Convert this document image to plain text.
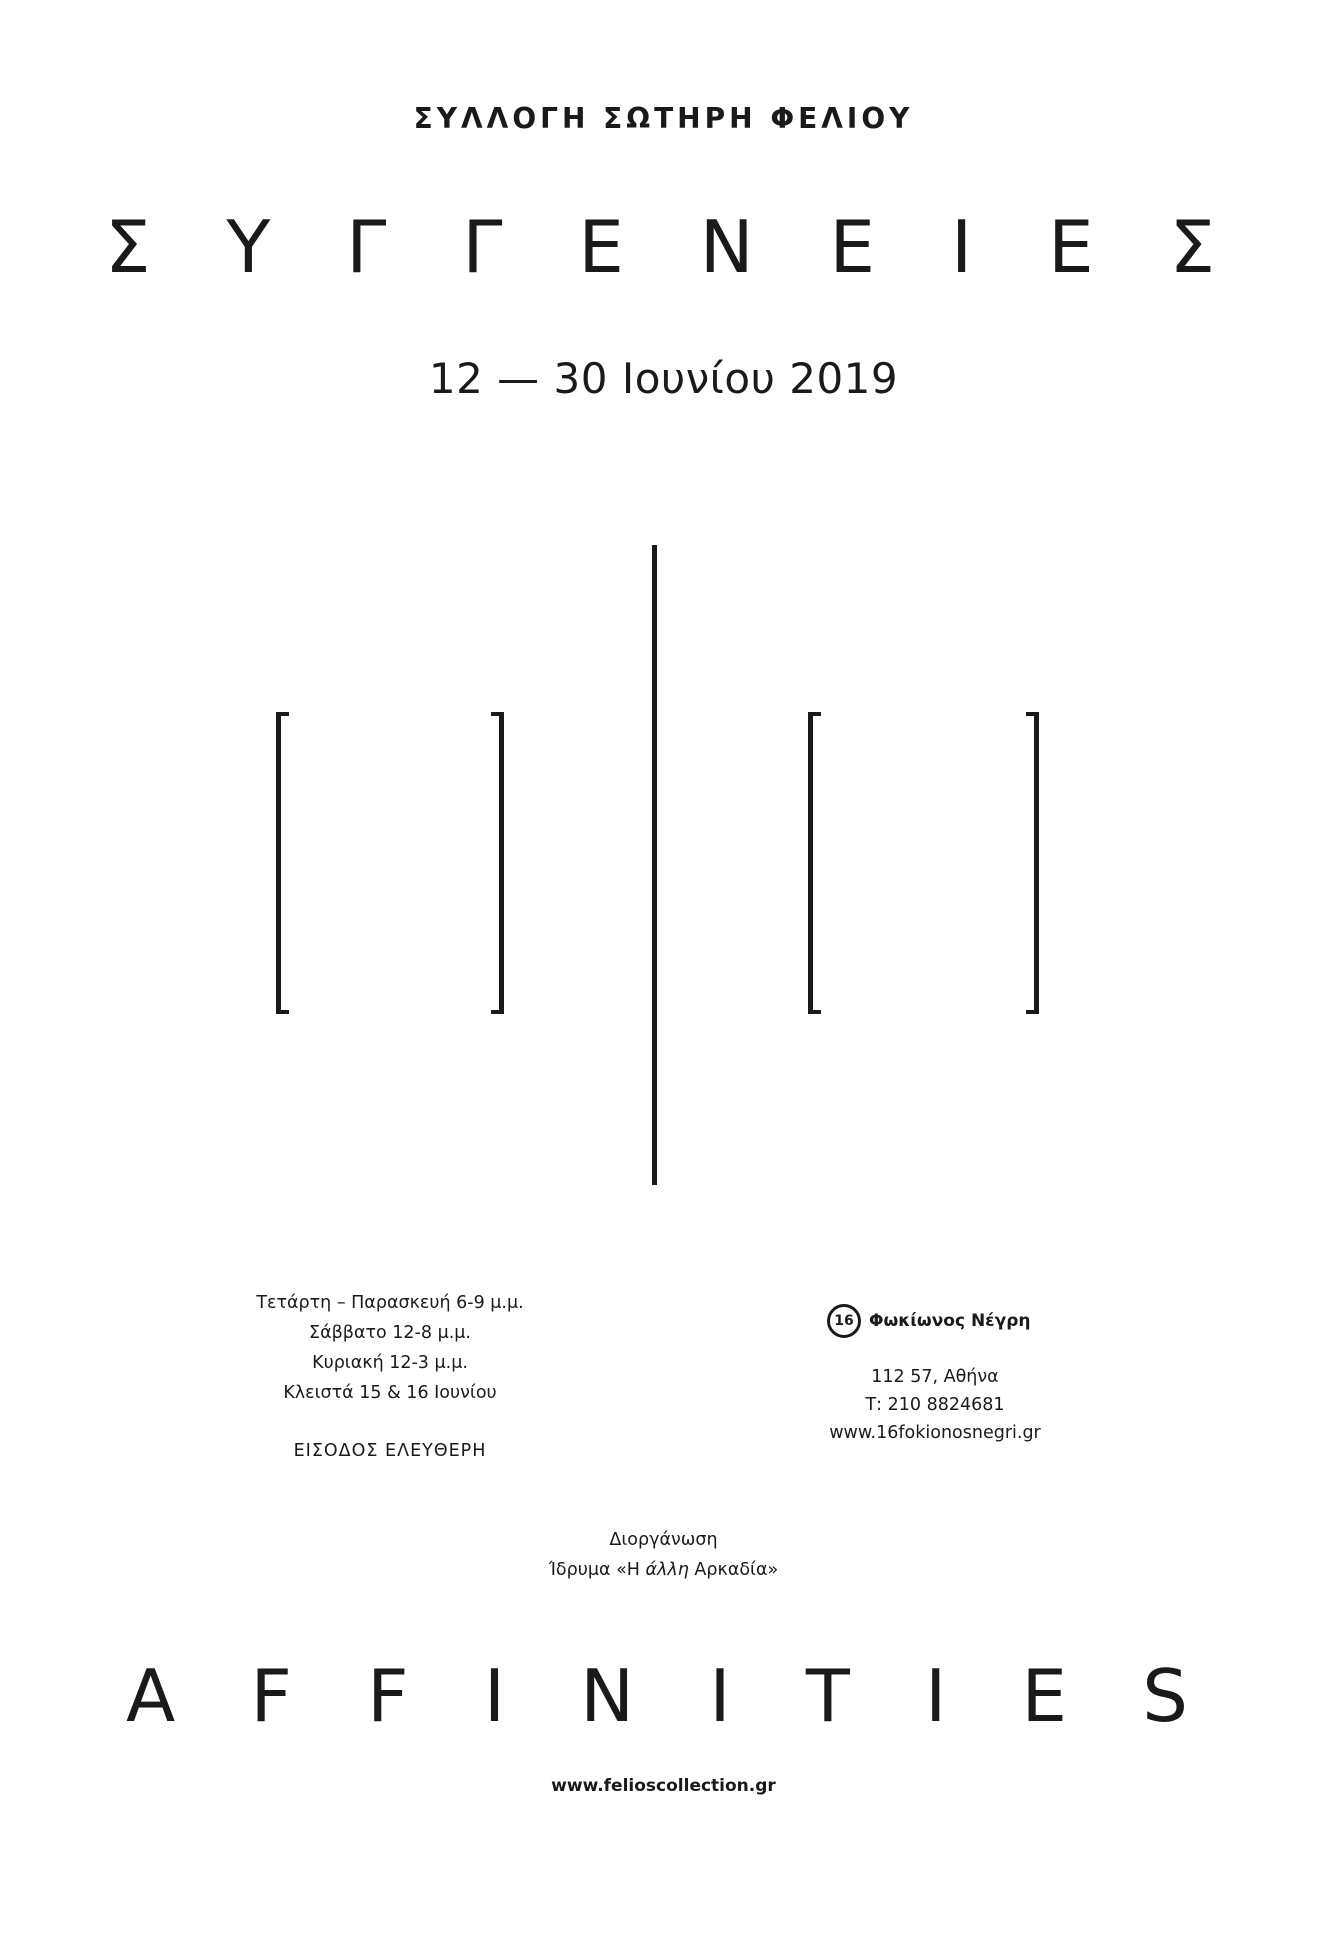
ΣΥΛΛΟΓΗ ΣΩΤΗΡΗ ΦΕΛΙΟΥ
Σ Υ Γ Γ Ε Ν Ε Ι Ε Σ
12 — 30 Ιουνίου 2019
Τετάρτη – Παρασκευή 6-9 μ.μ.
Σάββατο 12-8 μ.μ.
Κυριακή 12-3 μ.μ.
Κλειστά 15 & 16 Ιουνίου
ΕΙΣΟΔΟΣ ΕΛΕΥΘΕΡΗ
16 Φωκίωνος Νέγρη
112 57, Αθήνα
Τ: 210 8824681
www.16fokionosnegri.gr
Διοργάνωση
Ίδρυμα «Η άλλη Αρκαδία»
A F F I N I T I E S
www.felioscollection.gr
